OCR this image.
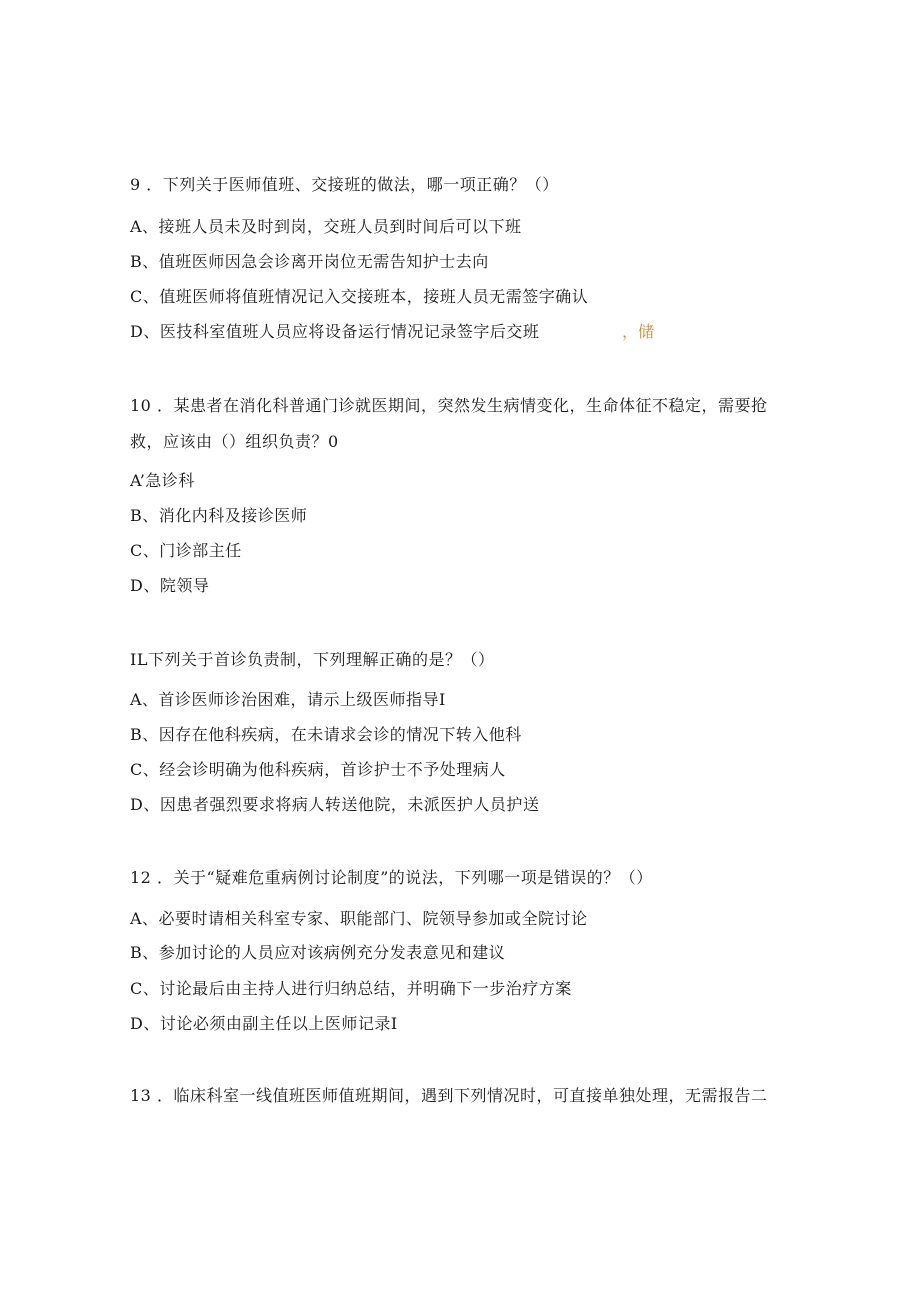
9 ．下列关于医师值班、交接班的做法，哪一项正确？（）
A、接班人员未及时到岗，交班人员到时间后可以下班
B、值班医师因急会诊离开岗位无需告知护士去向
C、值班医师将值班情况记入交接班本，接班人员无需签字确认
D、医技科室值班人员应将设备运行情况记录签字后交班	，储
10 ．某患者在消化科普通门诊就医期间，突然发生病情变化，生命体征不稳定，需要抢
救，应该由（）组织负责？0
A’急诊科
B、消化内科及接诊医师
C、门诊部主任
D、院领导
IL下列关于首诊负责制，下列理解正确的是？（）
A、首诊医师诊治困难，请示上级医师指导I
B、因存在他科疾病，在未请求会诊的情况下转入他科
C、经会诊明确为他科疾病，首诊护士不予处理病人
D、因患者强烈要求将病人转送他院，未派医护人员护送
12 ．关于“疑难危重病例讨论制度”的说法，下列哪一项是错误的？（）
A、必要时请相关科室专家、职能部门、院领导参加或全院讨论
B、参加讨论的人员应对该病例充分发表意见和建议
C、讨论最后由主持人进行归纳总结，并明确下一步治疗方案
D、讨论必须由副主任以上医师记录I
13 ．临床科室一线值班医师值班期间，遇到下列情况时，可直接单独处理，无需报告二
